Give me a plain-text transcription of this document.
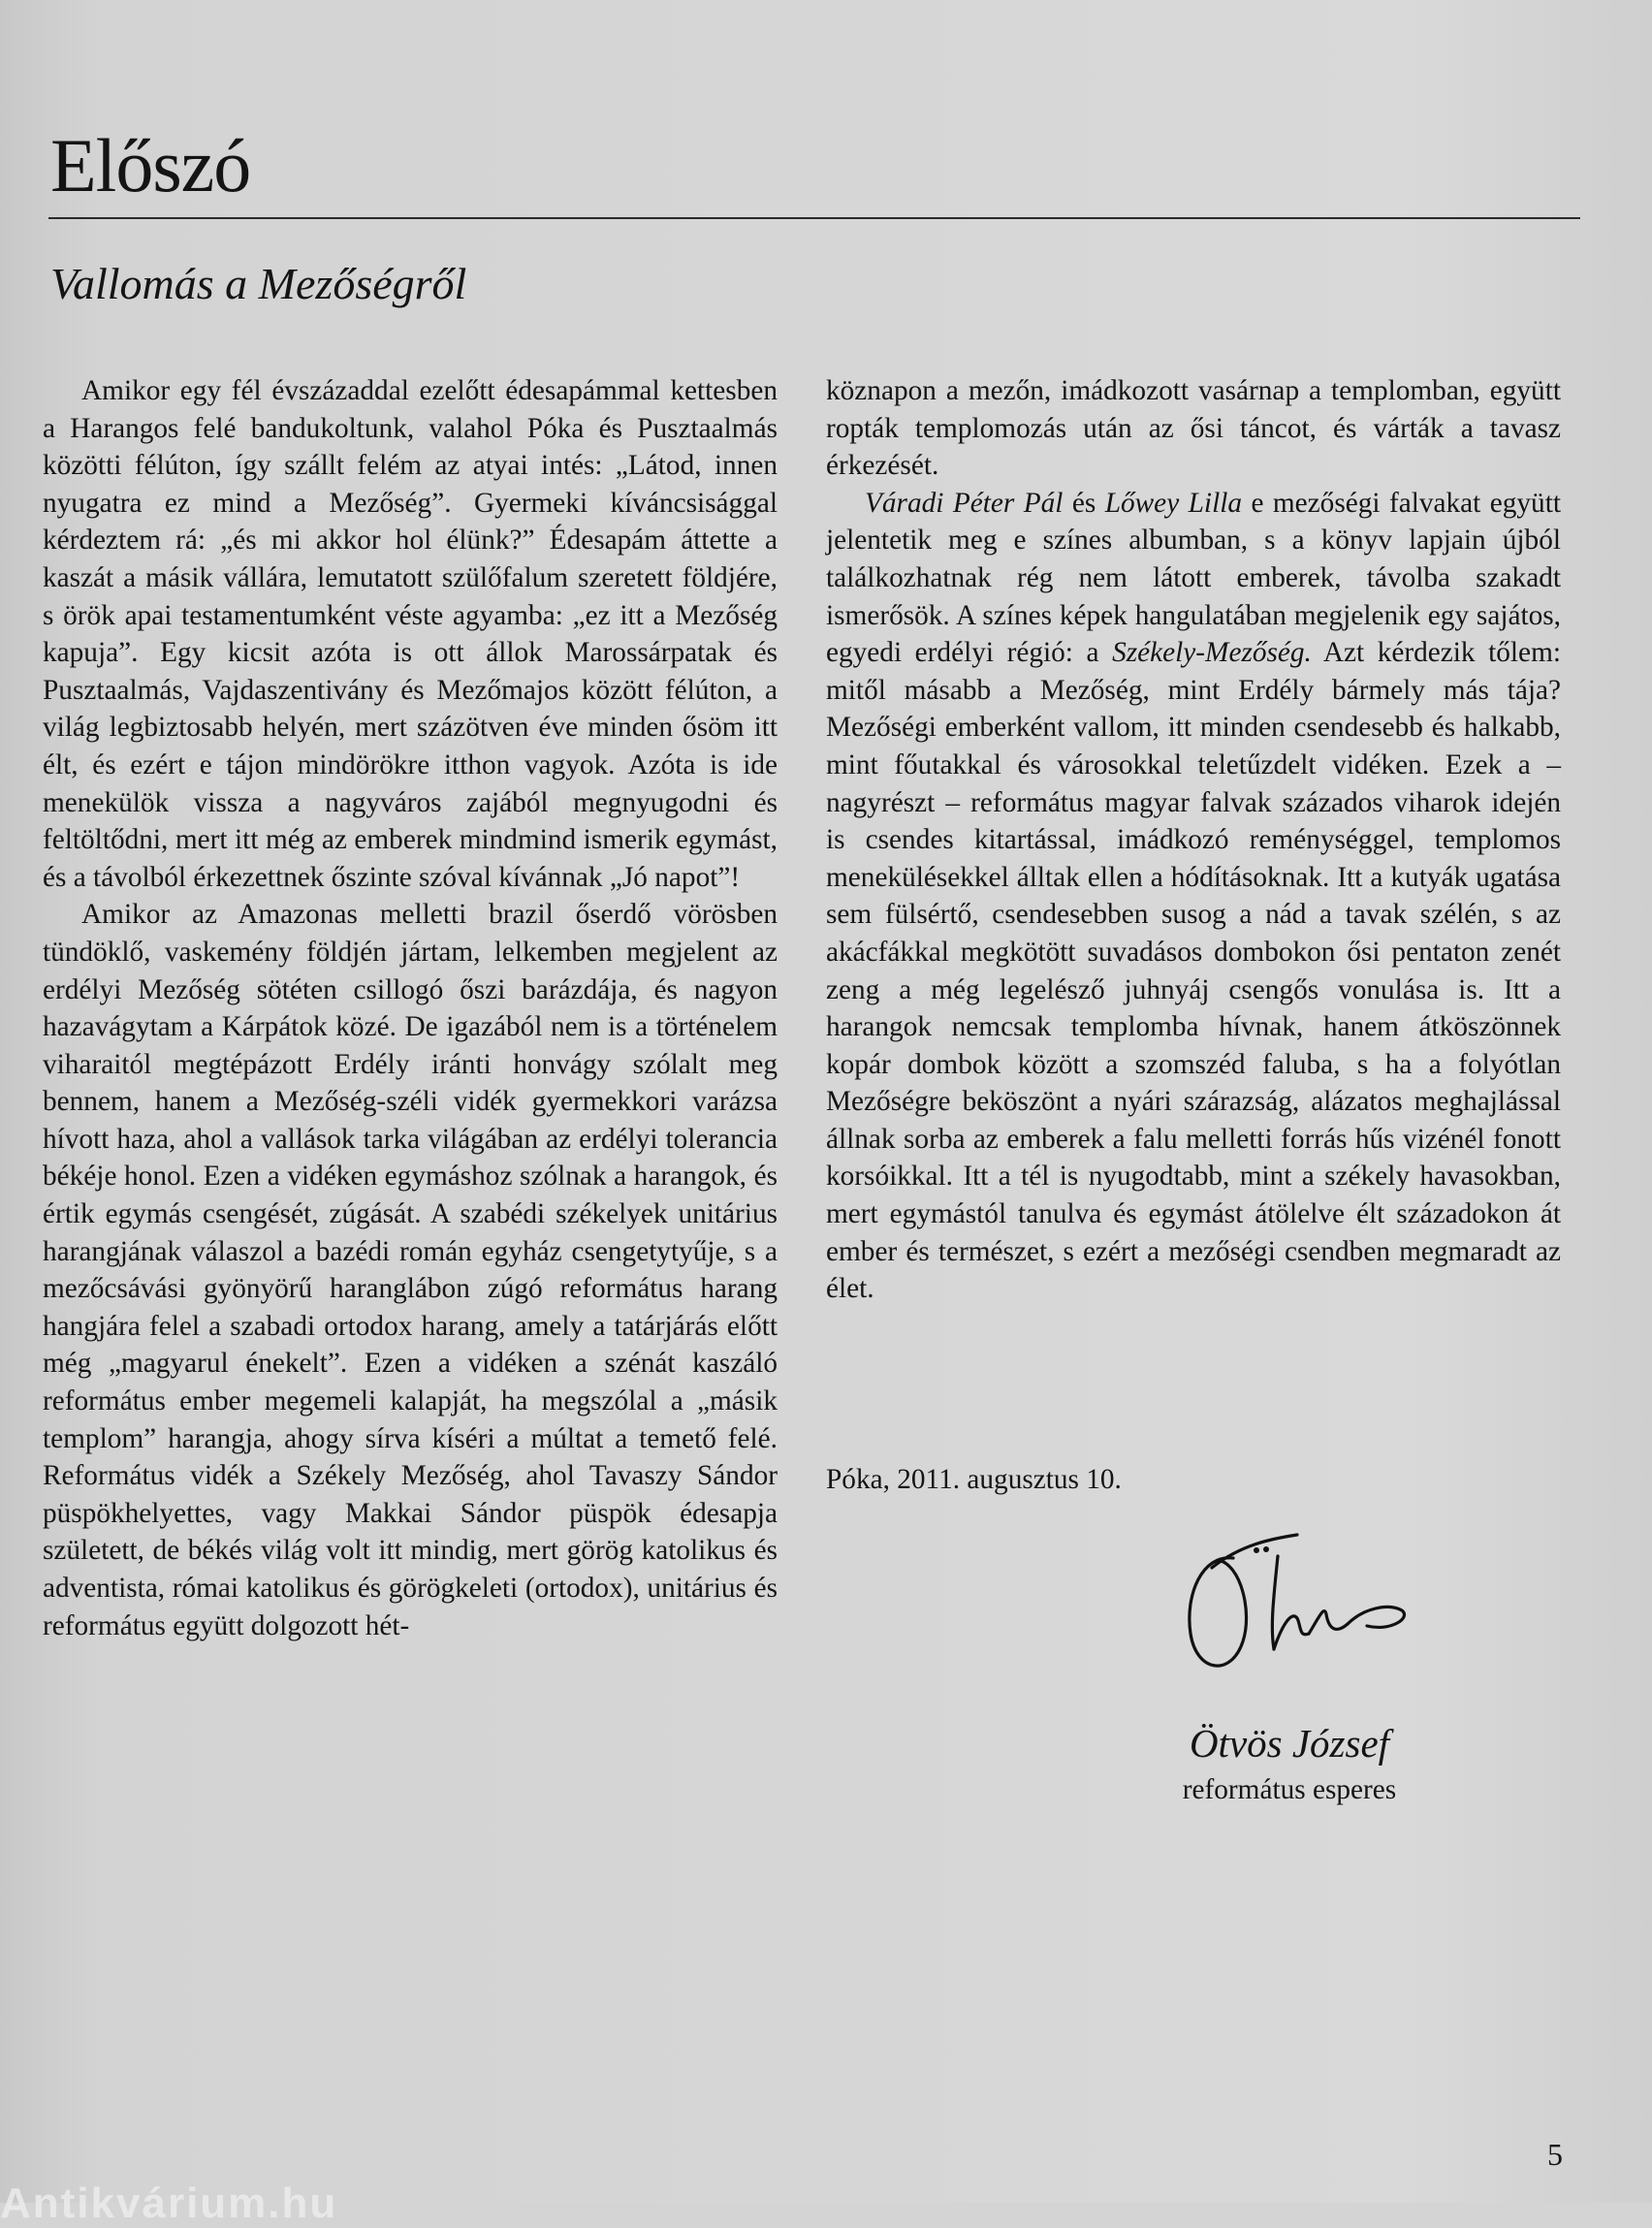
Előszó
Vallomás a Mezőségről

Amikor egy fél évszázaddal ezelőtt édesapámmal kettesben a Harangos felé bandukoltunk, valahol Póka és Pusztaalmás közötti félúton, így szállt felém az atyai intés: „Látod, innen nyugatra ez mind a Mezőség”. Gyermeki kíváncsisággal kérdeztem rá: „és mi akkor hol élünk?” Édesapám áttette a kaszát a másik vállára, lemutatott szülőfalum szeretett földjére, s örök apai testamentumként véste agyamba: „ez itt a Mezőség kapuja”. Egy kicsit azóta is ott állok Marossárpatak és Pusztaalmás, Vajdaszentivány és Mezőmajos között félúton, a világ legbiztosabb helyén, mert százötven éve minden ősöm itt élt, és ezért e tájon mindörökre itthon vagyok. Azóta is ide menekülök vissza a nagyváros zajából megnyugodni és feltöltődni, mert itt még az emberek mindmind ismerik egymást, és a távolból érkezettnek őszinte szóval kívánnak „Jó napot”!

Amikor az Amazonas melletti brazil őserdő vörösben tündöklő, vaskemény földjén jártam, lelkemben megjelent az erdélyi Mezőség sötéten csillogó őszi barázdája, és nagyon hazavágytam a Kárpátok közé. De igazából nem is a történelem viharaitól megtépázott Erdély iránti honvágy szólalt meg bennem, hanem a Mezőség-széli vidék gyermekkori varázsa hívott haza, ahol a vallások tarka világában az erdélyi tolerancia békéje honol. Ezen a vidéken egymáshoz szólnak a harangok, és értik egymás csengését, zúgását. A szabédi székelyek unitárius harangjának válaszol a bazédi román egyház csengetytyűje, s a mezőcsávási gyönyörű haranglábon zúgó református harang hangjára felel a szabadi ortodox harang, amely a tatárjárás előtt még „magyarul énekelt”. Ezen a vidéken a szénát kaszáló református ember megemeli kalapját, ha megszólal a „másik templom” harangja, ahogy sírva kíséri a múltat a temető felé. Református vidék a Székely Mezőség, ahol Tavaszy Sándor püspökhelyettes, vagy Makkai Sándor püspök édesapja született, de békés világ volt itt mindig, mert görög katolikus és adventista, római katolikus és görögkeleti (ortodox), unitárius és református együtt dolgozott hét-

köznapon a mezőn, imádkozott vasárnap a templomban, együtt ropták templomozás után az ősi táncot, és várták a tavasz érkezését.

Váradi Péter Pál és Lőwey Lilla e mezőségi falvakat együtt jelentetik meg e színes albumban, s a könyv lapjain újból találkozhatnak rég nem látott emberek, távolba szakadt ismerősök. A színes képek hangulatában megjelenik egy sajátos, egyedi erdélyi régió: a Székely-Mezőség. Azt kérdezik tőlem: mitől másabb a Mezőség, mint Erdély bármely más tája? Mezőségi emberként vallom, itt minden csendesebb és halkabb, mint főutakkal és városokkal teletűzdelt vidéken. Ezek a – nagyrészt – református magyar falvak százados viharok idején is csendes kitartással, imádkozó reménységgel, templomos menekülésekkel álltak ellen a hódításoknak. Itt a kutyák ugatása sem fülsértő, csendesebben susog a nád a tavak szélén, s az akácfákkal megkötött suvadásos dombokon ősi pentaton zenét zeng a még legelésző juhnyáj csengős vonulása is. Itt a harangok nemcsak templomba hívnak, hanem átköszönnek kopár dombok között a szomszéd faluba, s ha a folyótlan Mezőségre beköszönt a nyári szárazság, alázatos meghajlással állnak sorba az emberek a falu melletti forrás hűs vizénél fonott korsóikkal. Itt a tél is nyugodtabb, mint a székely havasokban, mert egymástól tanulva és egymást átölelve élt századokon át ember és természet, s ezért a mezőségi csendben megmaradt az élet.

Póka, 2011. augusztus 10.

Ötvös József
református esperes
5
Antikvárium.hu
